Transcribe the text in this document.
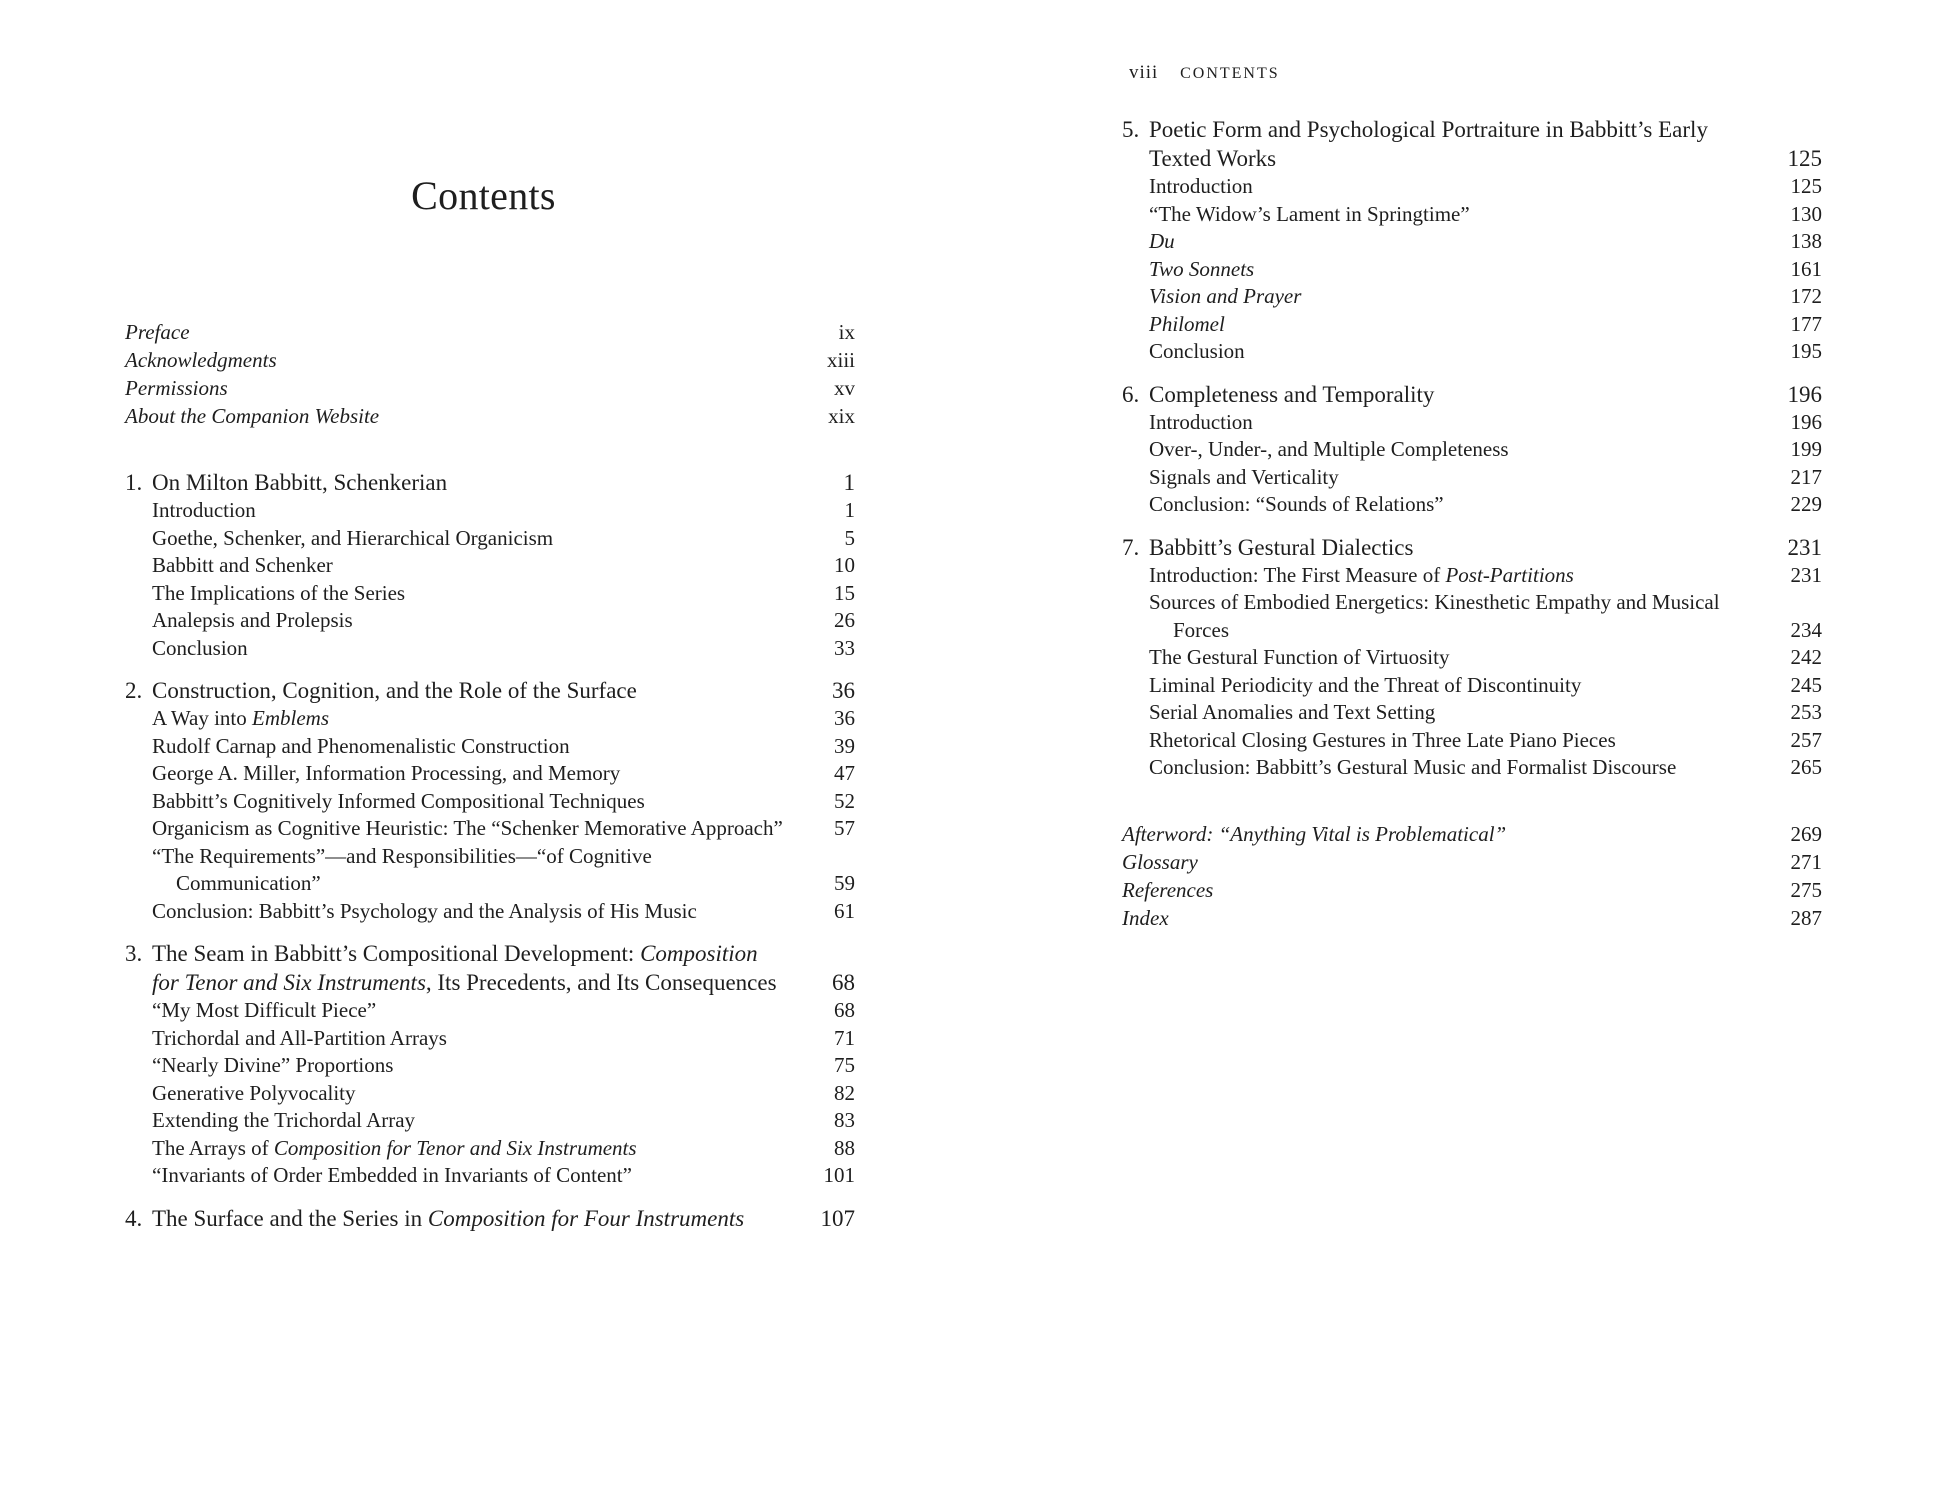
Contents
Preface	ix
Acknowledgments	xiii
Permissions	xv
About the Companion Website	xix
1. On Milton Babbitt, Schenkerian	1
Introduction	1
Goethe, Schenker, and Hierarchical Organicism	5
Babbitt and Schenker	10
The Implications of the Series	15
Analepsis and Prolepsis	26
Conclusion	33
2. Construction, Cognition, and the Role of the Surface	36
A Way into Emblems	36
Rudolf Carnap and Phenomenalistic Construction	39
George A. Miller, Information Processing, and Memory	47
Babbitt’s Cognitively Informed Compositional Techniques	52
Organicism as Cognitive Heuristic: The “Schenker Memorative Approach”	57
“The Requirements”—and Responsibilities—“of Cognitive Communication”	59
Conclusion: Babbitt’s Psychology and the Analysis of His Music	61
3. The Seam in Babbitt’s Compositional Development: Composition for Tenor and Six Instruments, Its Precedents, and Its Consequences	68
“My Most Difficult Piece”	68
Trichordal and All-Partition Arrays	71
“Nearly Divine” Proportions	75
Generative Polyvocality	82
Extending the Trichordal Array	83
The Arrays of Composition for Tenor and Six Instruments	88
“Invariants of Order Embedded in Invariants of Content”	101
4. The Surface and the Series in Composition for Four Instruments	107
viii CONTENTS
5. Poetic Form and Psychological Portraiture in Babbitt’s Early Texted Works	125
Introduction	125
“The Widow’s Lament in Springtime”	130
Du	138
Two Sonnets	161
Vision and Prayer	172
Philomel	177
Conclusion	195
6. Completeness and Temporality	196
Introduction	196
Over-, Under-, and Multiple Completeness	199
Signals and Verticality	217
Conclusion: “Sounds of Relations”	229
7. Babbitt’s Gestural Dialectics	231
Introduction: The First Measure of Post-Partitions	231
Sources of Embodied Energetics: Kinesthetic Empathy and Musical Forces	234
The Gestural Function of Virtuosity	242
Liminal Periodicity and the Threat of Discontinuity	245
Serial Anomalies and Text Setting	253
Rhetorical Closing Gestures in Three Late Piano Pieces	257
Conclusion: Babbitt’s Gestural Music and Formalist Discourse	265
Afterword: “Anything Vital is Problematical”	269
Glossary	271
References	275
Index	287
